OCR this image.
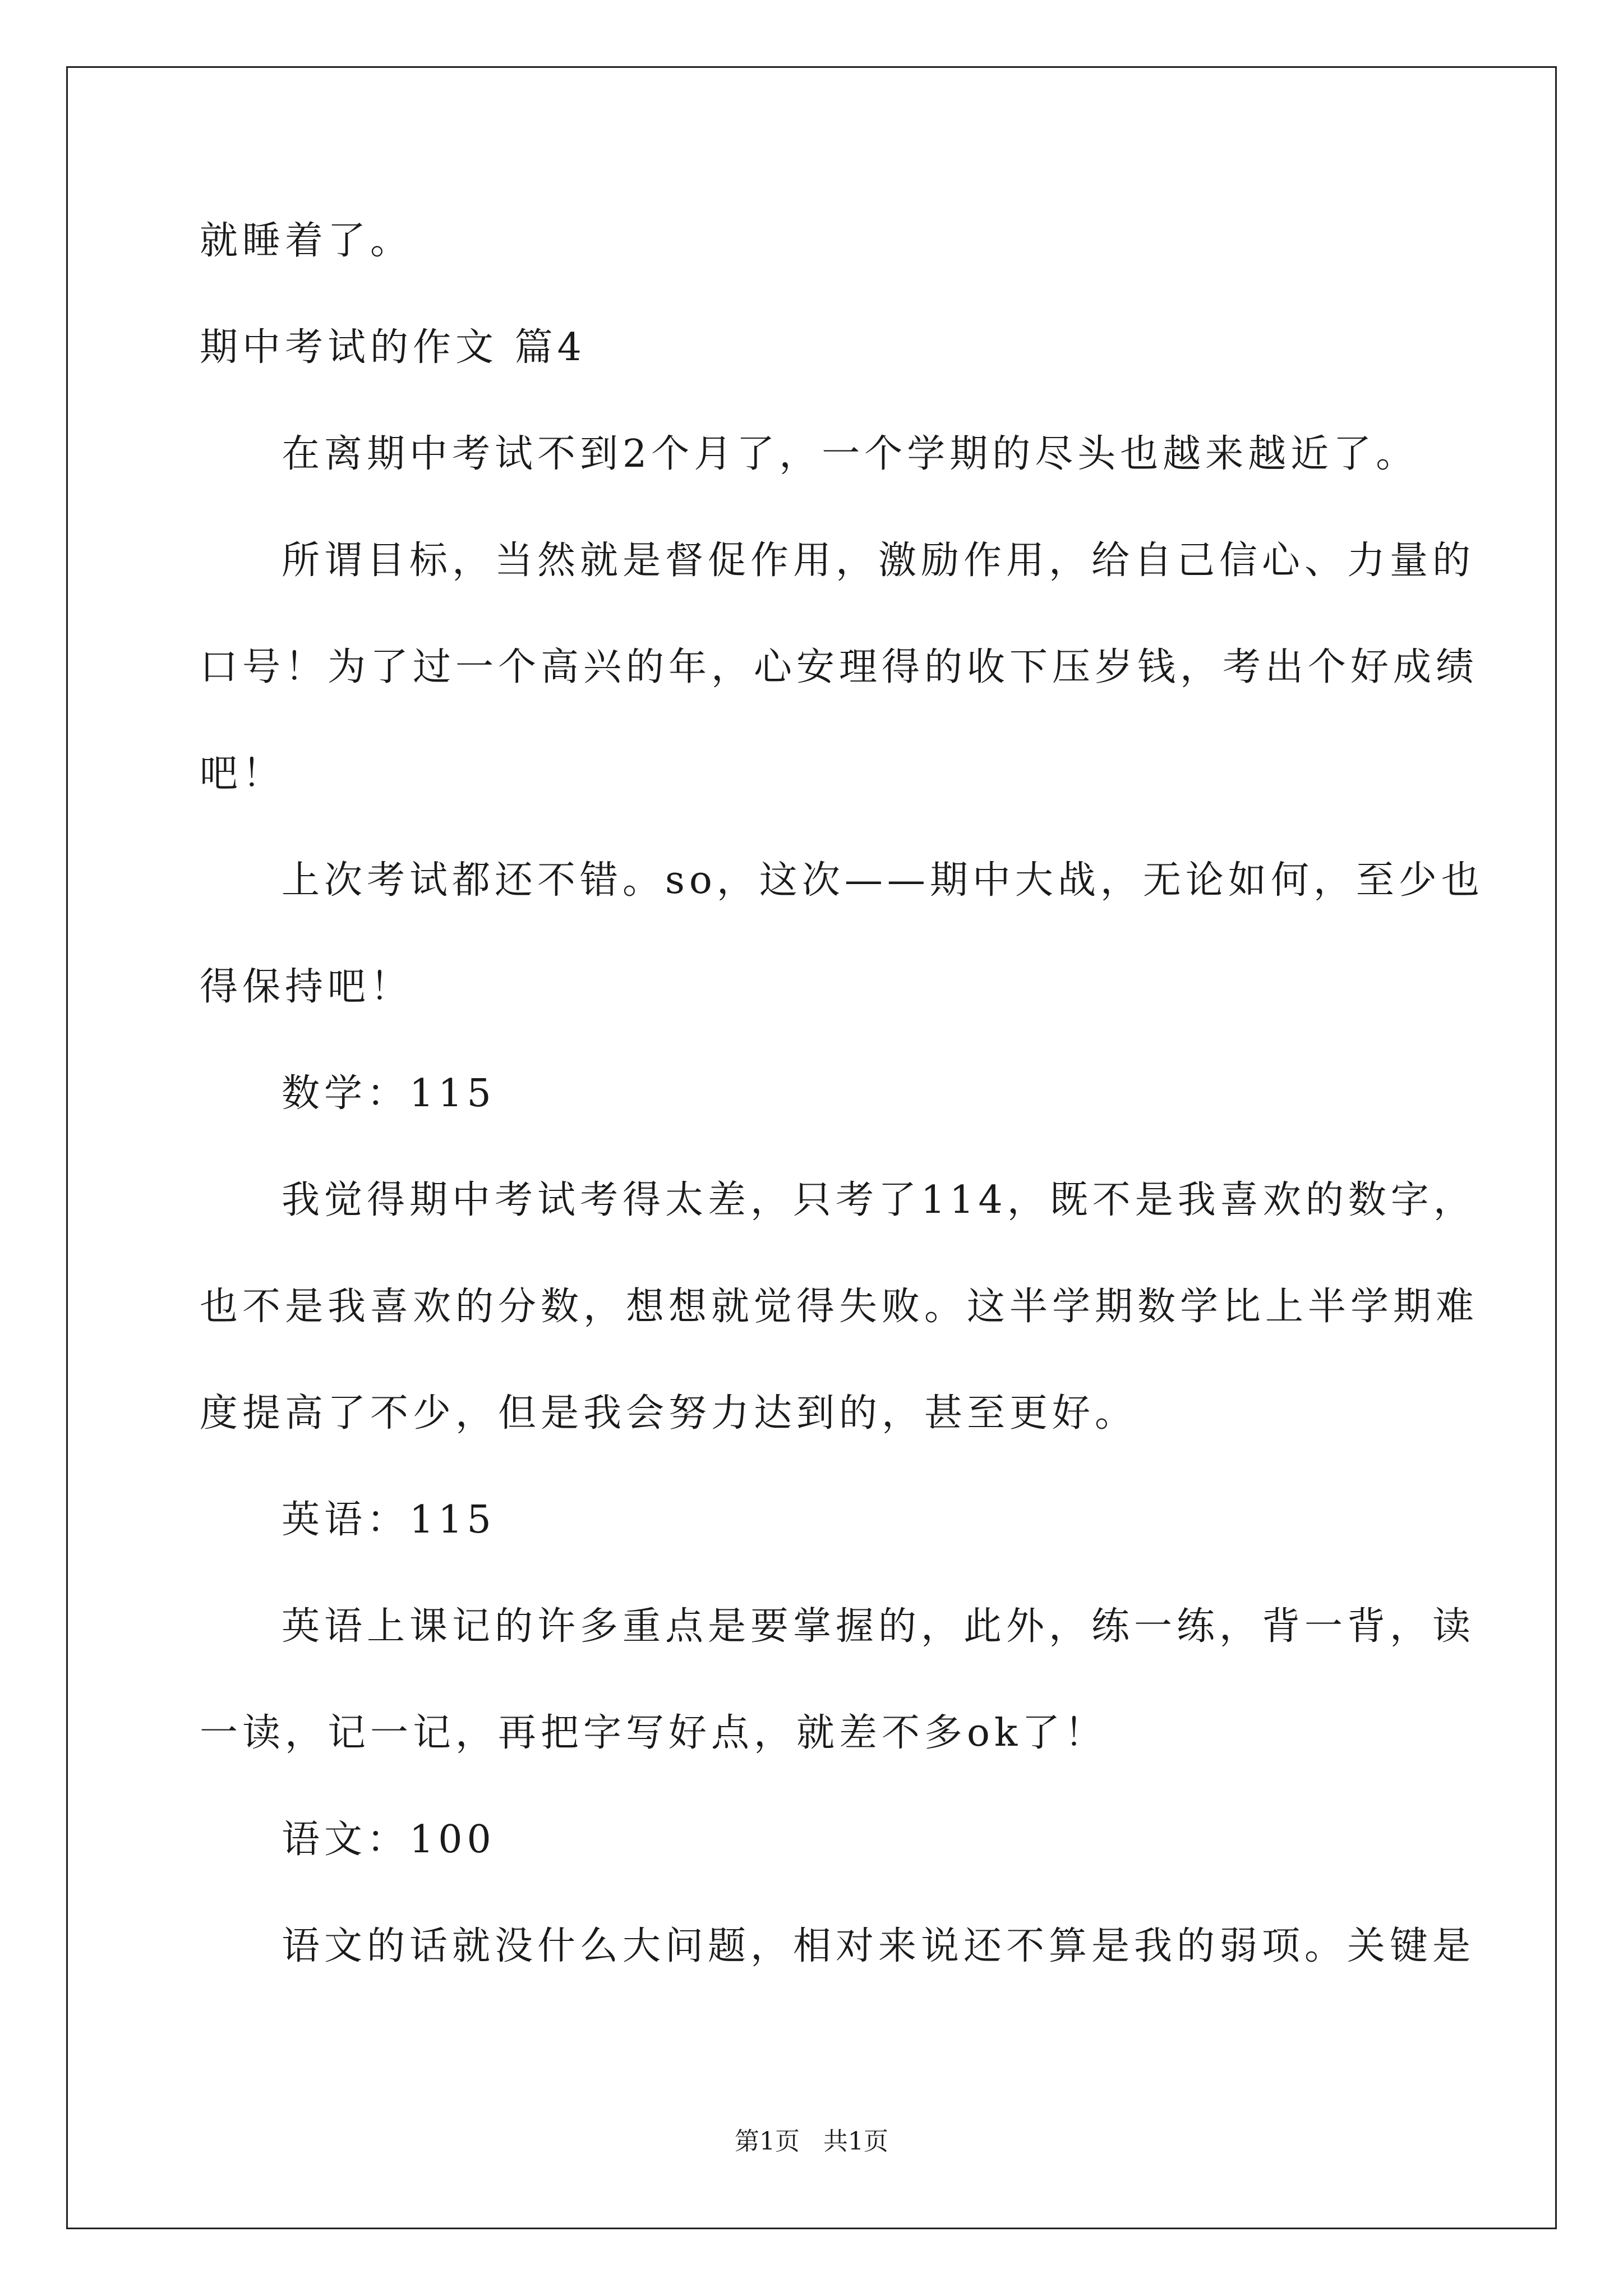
就睡着了。
期中考试的作文 篇4
在离期中考试不到2个月了，一个学期的尽头也越来越近了。
所谓目标，当然就是督促作用，激励作用，给自己信心、力量的
口号！为了过一个高兴的年，心安理得的收下压岁钱，考出个好成绩
吧！
上次考试都还不错。so，这次——期中大战，无论如何，至少也
得保持吧！
数学：115
我觉得期中考试考得太差，只考了114，既不是我喜欢的数字，
也不是我喜欢的分数，想想就觉得失败。这半学期数学比上半学期难
度提高了不少，但是我会努力达到的，甚至更好。
英语：115
英语上课记的许多重点是要掌握的，此外，练一练，背一背，读
一读，记一记，再把字写好点，就差不多ok了！
语文：100
语文的话就没什么大问题，相对来说还不算是我的弱项。关键是
第1页 共1页
